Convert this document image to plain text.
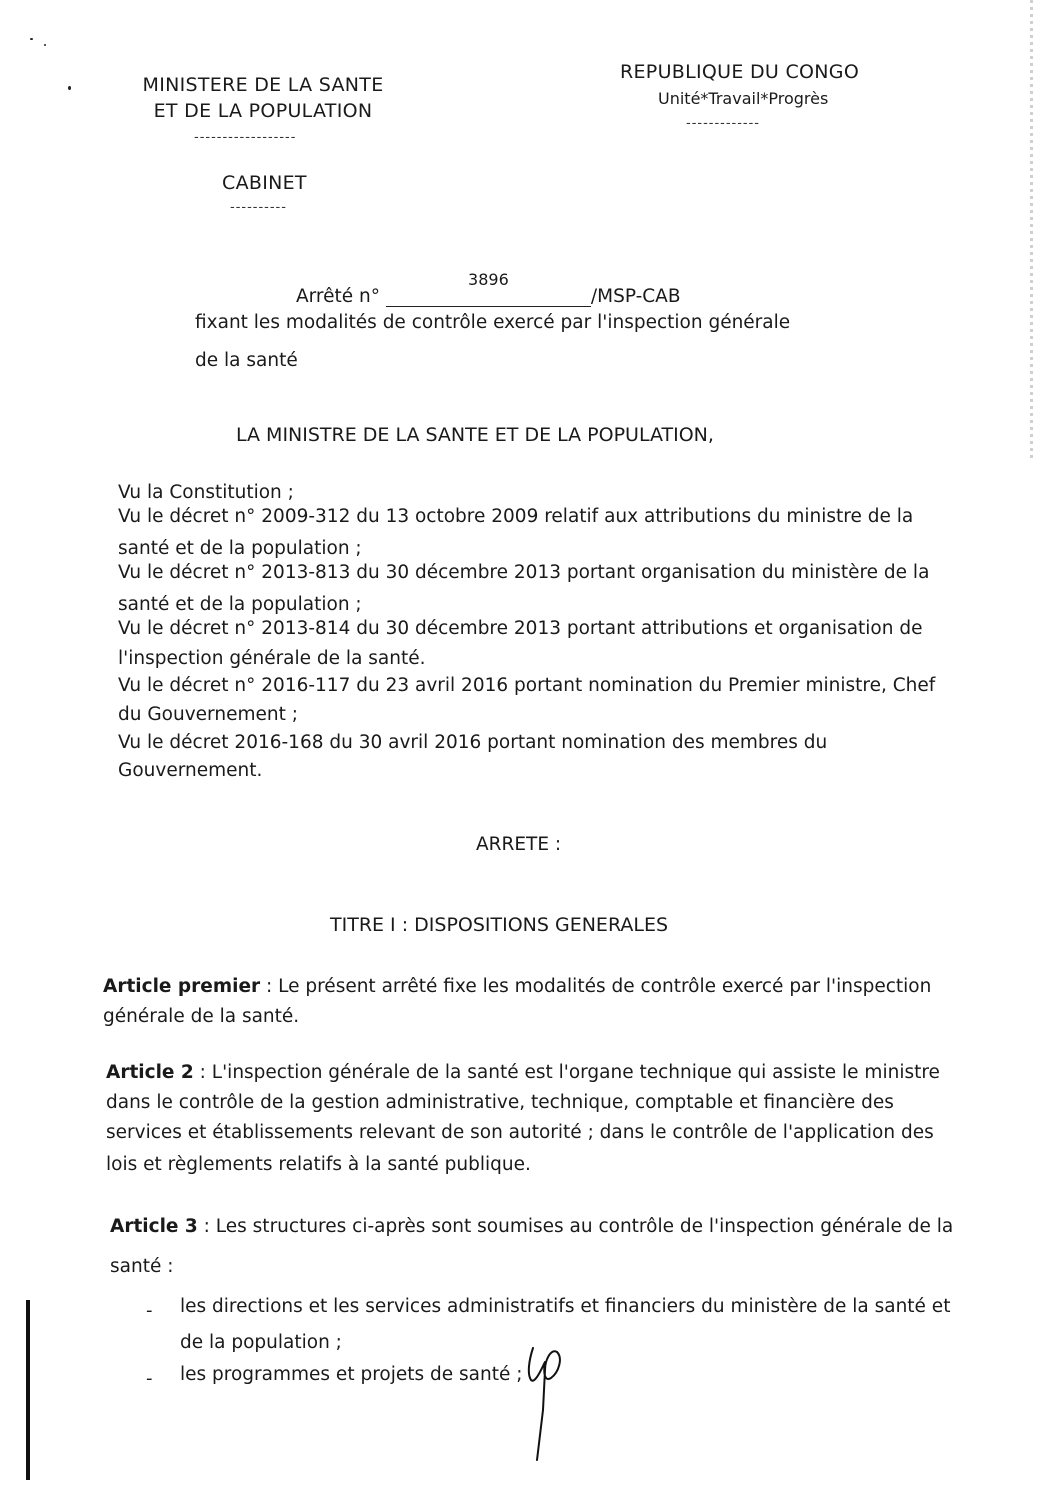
MINISTERE DE LA SANTE
ET DE LA POPULATION
------------------
CABINET
----------
REPUBLIQUE DU CONGO
Unité*Travail*Progrès
-------------
Arrêté n°
3896
/MSP-CAB
fixant les modalités de contrôle exercé par l'inspection générale
de la santé
LA MINISTRE DE LA SANTE ET DE LA POPULATION,
Vu la Constitution ;
Vu le décret n° 2009-312 du 13 octobre 2009 relatif aux attributions du ministre de la
santé et de la population ;
Vu le décret n° 2013-813 du 30 décembre 2013 portant organisation du ministère de la
santé et de la population ;
Vu le décret n° 2013-814 du 30 décembre 2013 portant attributions et organisation de
l'inspection générale de la santé.
Vu le décret n° 2016-117 du 23 avril 2016 portant nomination du Premier ministre, Chef
du Gouvernement ;
Vu le décret 2016-168 du 30 avril 2016 portant nomination des membres du
Gouvernement.
ARRETE :
TITRE I : DISPOSITIONS GENERALES
Article premier : Le présent arrêté fixe les modalités de contrôle exercé par l'inspection
générale de la santé.
Article 2 : L'inspection générale de la santé est l'organe technique qui assiste le ministre
dans le contrôle de la gestion administrative, technique, comptable et financière des
services et établissements relevant de son autorité ; dans le contrôle de l'application des
lois et règlements relatifs à la santé publique.
Article 3 : Les structures ci-après sont soumises au contrôle de l'inspection générale de la
santé :
- les directions et les services administratifs et financiers du ministère de la santé et
de la population ;
- les programmes et projets de santé ;
